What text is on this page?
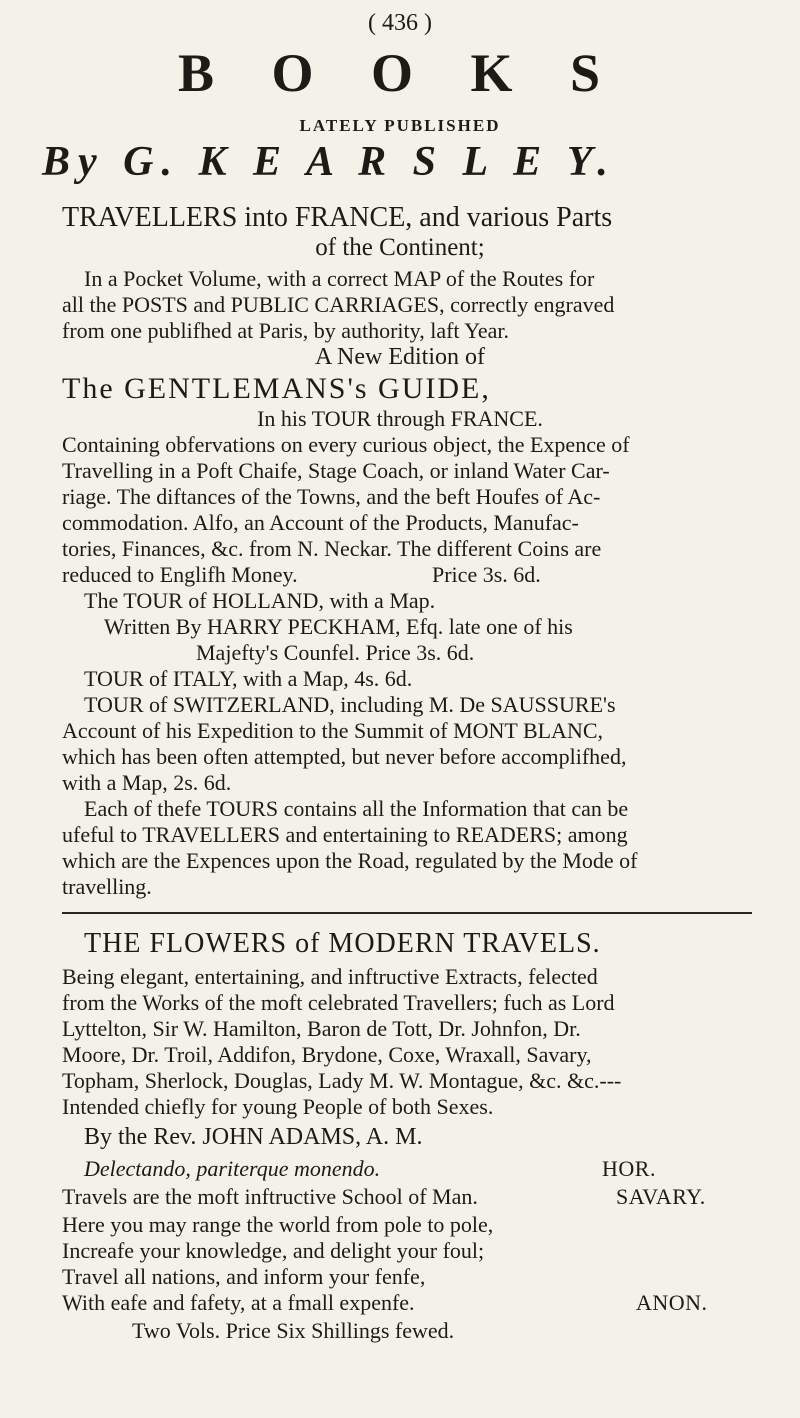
( 436 )
B O O K S
LATELY PUBLISHED
By G. K E A R S L E Y.
TRAVELLERS into FRANCE, and various Parts
of the Continent;
In a Pocket Volume, with a correct MAP of the Routes for
all the POSTS and PUBLIC CARRIAGES, correctly engraved
from one publifhed at Paris, by authority, laft Year.
A New Edition of
The GENTLEMANS's GUIDE,
In his TOUR through FRANCE.
Containing obfervations on every curious object, the Expence of
Travelling in a Poft Chaife, Stage Coach, or inland Water Car-
riage. The diftances of the Towns, and the beft Houfes of Ac-
commodation. Alfo, an Account of the Products, Manufac-
tories, Finances, &c. from N. Neckar. The different Coins are
reduced to Englifh Money.	Price 3s. 6d.
The TOUR of HOLLAND, with a Map.
Written By HARRY PECKHAM, Efq. late one of his
Majefty's Counfel. Price 3s. 6d.
TOUR of ITALY, with a Map, 4s. 6d.
TOUR of SWITZERLAND, including M. De SAUSSURE's
Account of his Expedition to the Summit of MONT BLANC,
which has been often attempted, but never before accomplifhed,
with a Map, 2s. 6d.
Each of thefe TOURS contains all the Information that can be
ufeful to TRAVELLERS and entertaining to READERS; among
which are the Expences upon the Road, regulated by the Mode of
travelling.
THE FLOWERS of MODERN TRAVELS.
Being elegant, entertaining, and inftructive Extracts, felected
from the Works of the moft celebrated Travellers; fuch as Lord
Lyttelton, Sir W. Hamilton, Baron de Tott, Dr. Johnfon, Dr.
Moore, Dr. Troil, Addifon, Brydone, Coxe, Wraxall, Savary,
Topham, Sherlock, Douglas, Lady M. W. Montague, &c. &c.---
Intended chiefly for young People of both Sexes.
By the Rev. JOHN ADAMS, A. M.
Delectando, pariterque monendo.	HOR.
Travels are the moft inftructive School of Man.	SAVARY.
Here you may range the world from pole to pole,
Increafe your knowledge, and delight your foul;
Travel all nations, and inform your fenfe,
With eafe and fafety, at a fmall expenfe.	ANON.
Two Vols. Price Six Shillings fewed.
